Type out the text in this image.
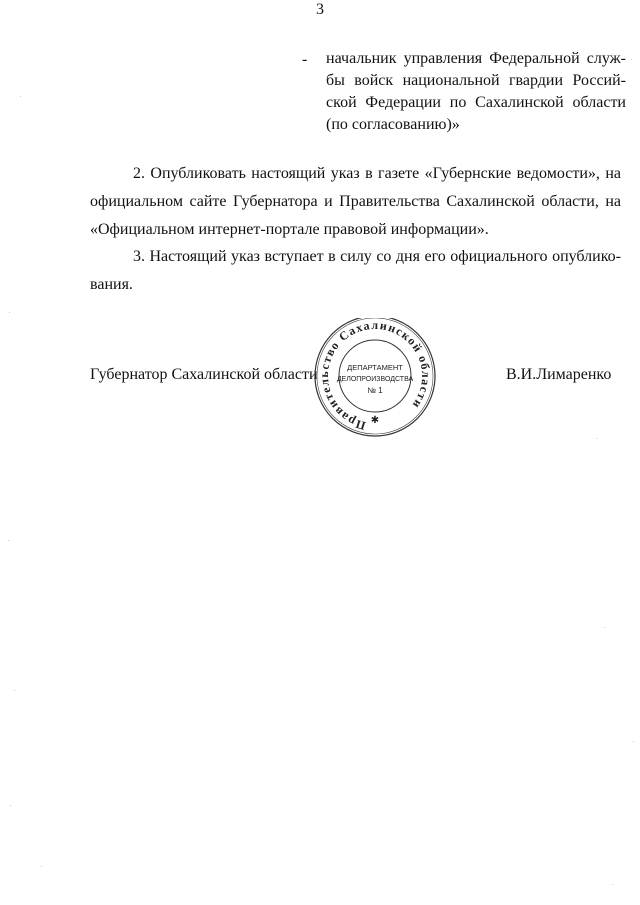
3
- начальник управления Федеральной служ-
бы войск национальной гвардии Россий-
ской Федерации по Сахалинской области
(по согласованию)»
2. Опубликовать настоящий указ в газете «Губернские ведомости», на
официальном сайте Губернатора и Правительства Сахалинской области, на
«Официальном интернет-портале правовой информации».
3. Настоящий указ вступает в силу со дня его официального опублико-
вания.
Губернатор Сахалинской области	В.И.Лимаренко
Правительство Сахалинской области
✱
ДЕПАРТАМЕНТ
ДЕЛОПРОИЗВОДСТВА
№ 1
